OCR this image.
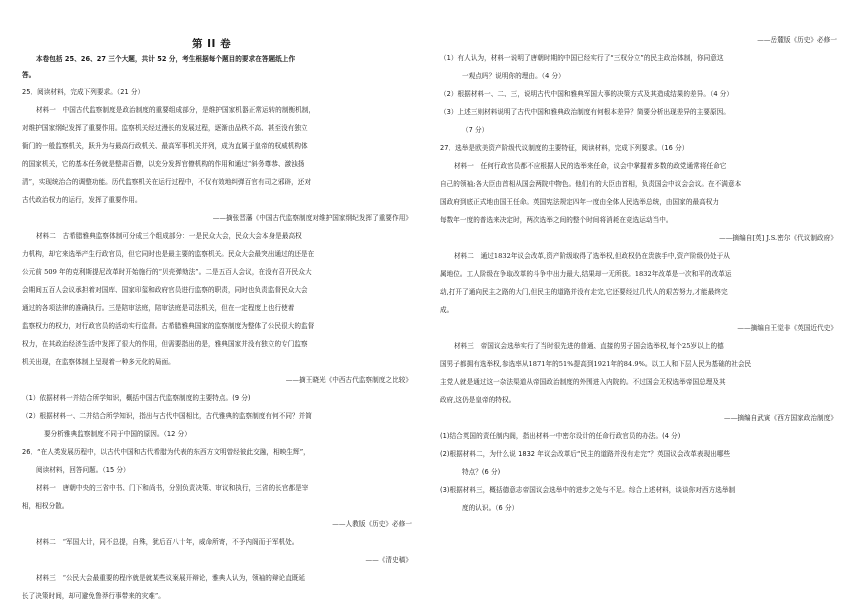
第 II 卷
本卷包括 25、26、27 三个大题，共计 52 分，考生根据每个题目的要求在答题纸上作
答。
25．阅读材料，完成下列要求。（21 分）
材料一　中国古代监察制度是政治制度的重要组成部分，是维护国家机器正常运转的制衡机制，
对维护国家纲纪发挥了重要作用。监察机关经过漫长的发展过程，逐渐由品秩不高、甚至没有独立
衙门的一般监察机关，跃升为与最高行政机关、最高军事机关并列，成为直属于皇帝的权威机构体
的国家机关，它的基本任务就是整肃百僚，以充分发挥官僚机构的作用和通过“斜务尊恭、激浊扬
清”，实现统治合的调整功能。历代监察机关在运行过程中，不仅有效地纠弹百官有司之邪辟，还对
古代政治权力的运行，发挥了重要作用。
——摘张晋藩《中国古代监察制度对维护国家纲纪发挥了重要作用》
材料二　古希腊雅典监察体制可分成三个组成部分：一是民众大会，民众大会本身是最高权
力机构，却它来选举产生行政官员，但它同时也是最主要的监察机关。民众大会最突出通过的还是在
公元前 509 年的克利斯提尼改革时开始施行的“贝壳弹劾法”。二是五百人会议，在没有召开民众大
会期间五百人会议承担着对国库、国家印玺和政府官员进行监察的职责，同时也负责监督民众大会
通过的各项法律的准确执行。三是陪审法庭，陪审法庭是司法机关，但在一定程度上也行使着
监察权力的权力，对行政官员的活动实行监督。古希腊雅典国家的监察制度为整体了公民很大的监督
权力，在其政治经济生活中发挥了很大的作用，但需要指出的是，雅典国家并没有独立的专门监察
机关出现，在监察体制上呈现着一种多元化的局面。
——摘王晓光《中西古代监察制度之比较》
（1）依据材料一并结合所学知识，概括中国古代监察制度的主要特点。(9 分)
（2）根据材料一、二并结合所学知识，指出与古代中国相比，古代雅典的监察制度有何不同？并简
要分析雅典监察制度不同于中国的原因。（12 分）
26．“在人类发展历程中，以古代中国和古代希腊为代表的东西方文明曾经彼此交融，相映生辉”，
阅读材料，回答问题。（15 分）
材料一　唐朝中央的三省中书、门下和尚书，分别负责决策、审议和执行，三省的长官都是宰
相，相权分散。
——人教版《历史》必修一
材料二　“军国大计，同不总提，自殊，犹后百八十年，威命所寄，不予内阁而于军机处。
——《清史稿》
材料三　“公民大会最重要的程序就是就某些议案展开辩论，雅典人认为，领袖的辩论直既延
长了决策时间，却可避免鲁莽行事带来的灾难”。
——岳麓版《历史》必修一
（1）有人认为，材料一说明了唐朝时期的中国已经实行了“三权分立”的民主政治体制，你同意这
一观点吗？说明你的理由。（4 分）
（2）根据材料一、二、三，说明古代中国和雅典军国大事的决策方式及其造成结果的差异。（4 分）
（3）上述三则材料说明了古代中国和雅典政治制度有何根本差异？简要分析出现差异的主要原因。
（7 分）
27．选举是欧美资产阶级代议制度的主要特征，阅读材料，完成下列要求。（16 分）
材料一　任何行政官员都不应根据人民的选举来任命，议会中掌握着多数的政党通常将任命它
自己的领袖;各大臣由首相从国会两院中物色。他们有的大臣由首相，负责国会中议会会议。在不满意本
国政府到底正式地由国王任命。英国宪法规定四年一度由全体人民选举总统，由国家的最高权力
每数年一度的普选来决定时，两次选举之间的整个时间将消耗在竞选运动当中。
——摘编自[英] J.S.密尔《代议制政府》
材料二　通过1832年议会改革,资产阶级取得了选举权,但政权仍在贵族手中,资产阶级仍处于从
属地位。工人阶级在争取改革的斗争中出力最大,结果却一无所获。1832年改革是一次和平的改革运
动,打开了通向民主之路的大门,但民主的道路并没有走完,它还要经过几代人的艰苦努力,才能最终完
成。
——摘编自王觉非《英国近代史》
材料三　帝国议会选举实行了当时很先进的普通、直接的男子国会选举权,每个25岁以上的德
国男子都拥有选举权,参选率从1871年的51%提高到1921年的84.9%。以工人和下层人民为基础的社会民
主党人就是通过这一杂法渠道从帝国政治制度的外围进入内院的。不过国会无权选举帝国总理及其
政府,这仍是皇帝的特权。
——摘编自武寅《西方国家政治制度》
(1)结合英国的责任制内阁，指出材料一中密尔设计的任命行政官员的办法。(4 分)
(2)根据材料二，为什么说 1832 年议会改革后“民主的道路并没有走完”？英国议会改革表现出哪些
特点？(6 分)
(3)根据材料三，概括德意志帝国议会选举中的进步之处与不足。综合上述材料，谈谈你对西方选举制
度的认识。（6 分）
